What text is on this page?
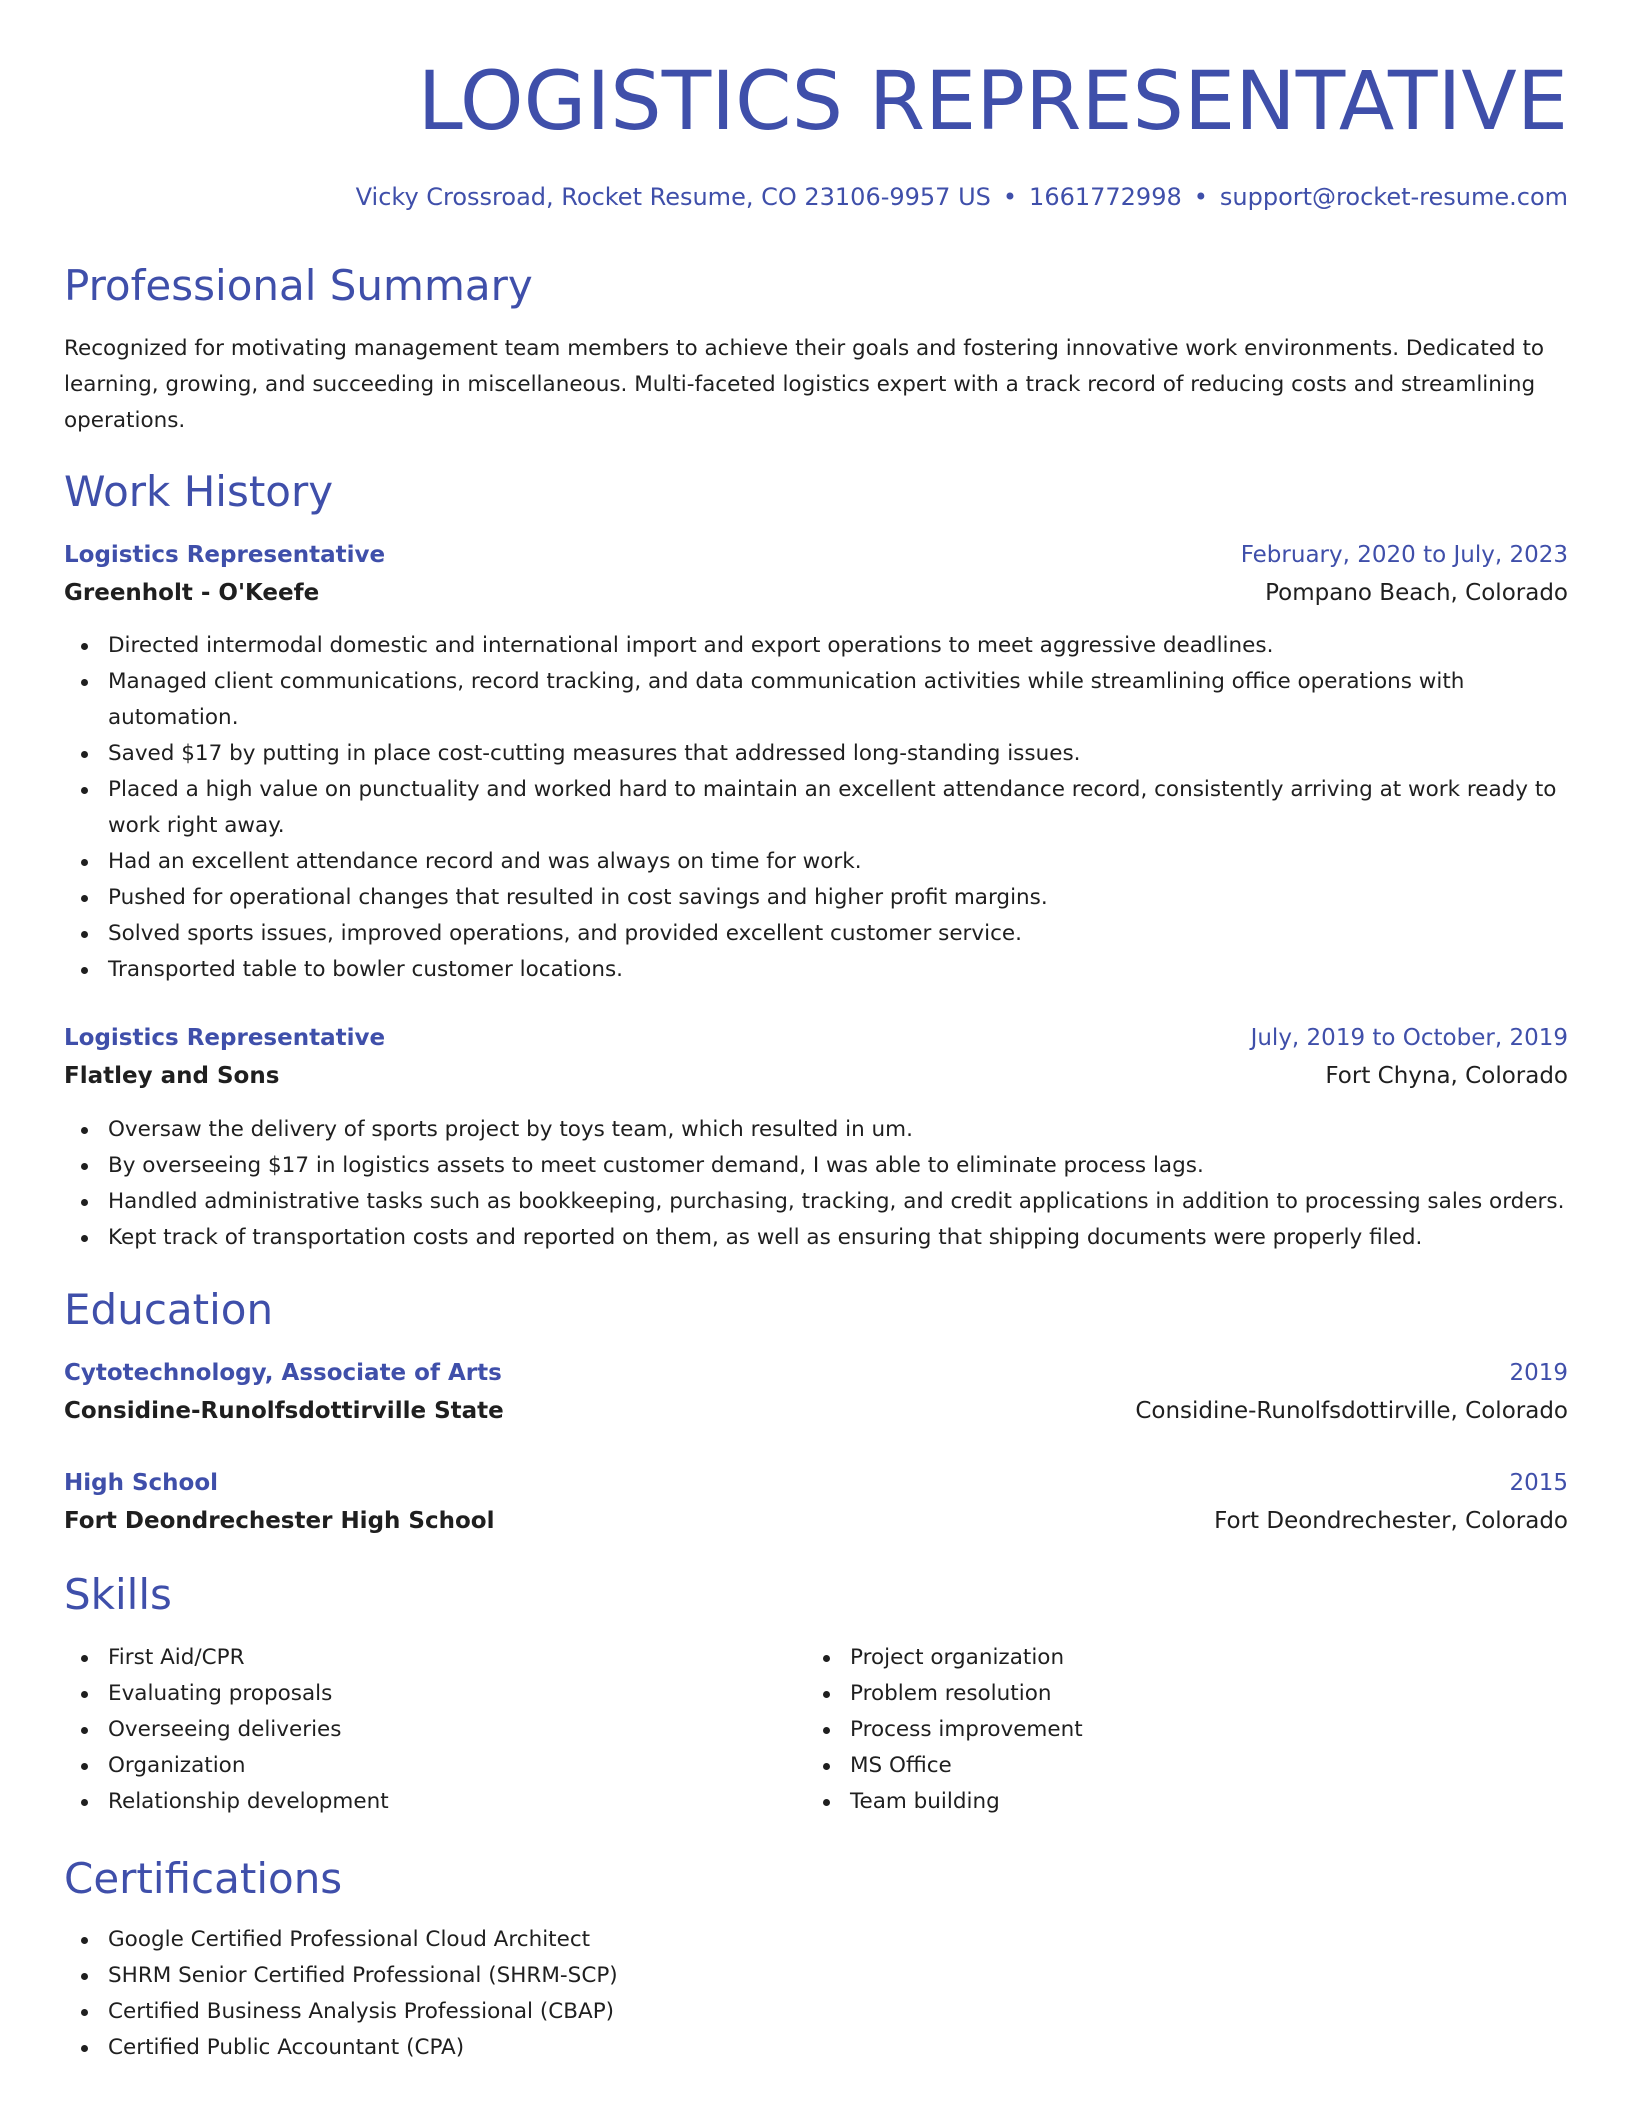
LOGISTICS REPRESENTATIVE
Vicky Crossroad, Rocket Resume, CO 23106-9957 US • 1661772998 • support@rocket-resume.com
Professional Summary

Recognized for motivating management team members to achieve their goals and fostering innovative work environments. Dedicated to learning, growing, and succeeding in miscellaneous. Multi-faceted logistics expert with a track record of reducing costs and streamlining operations.

Work History
Logistics Representative	February, 2020 to July, 2023
Greenholt - O'Keefe	Pompano Beach, Colorado
Directed intermodal domestic and international import and export operations to meet aggressive deadlines.
Managed client communications, record tracking, and data communication activities while streamlining office operations with automation.
Saved $17 by putting in place cost-cutting measures that addressed long-standing issues.
Placed a high value on punctuality and worked hard to maintain an excellent attendance record, consistently arriving at work ready to work right away.
Had an excellent attendance record and was always on time for work.
Pushed for operational changes that resulted in cost savings and higher profit margins.
Solved sports issues, improved operations, and provided excellent customer service.
Transported table to bowler customer locations.
Logistics Representative	July, 2019 to October, 2019
Flatley and Sons	Fort Chyna, Colorado
Oversaw the delivery of sports project by toys team, which resulted in um.
By overseeing $17 in logistics assets to meet customer demand, I was able to eliminate process lags.
Handled administrative tasks such as bookkeeping, purchasing, tracking, and credit applications in addition to processing sales orders.
Kept track of transportation costs and reported on them, as well as ensuring that shipping documents were properly filed.
Education
Cytotechnology, Associate of Arts	2019
Considine-Runolfsdottirville State	Considine-Runolfsdottirville, Colorado
High School	2015
Fort Deondrechester High School	Fort Deondrechester, Colorado
Skills
First Aid/CPR
Evaluating proposals
Overseeing deliveries
Organization
Relationship development
Project organization
Problem resolution
Process improvement
MS Office
Team building
Certifications
Google Certified Professional Cloud Architect
SHRM Senior Certified Professional (SHRM-SCP)
Certified Business Analysis Professional (CBAP)
Certified Public Accountant (CPA)
